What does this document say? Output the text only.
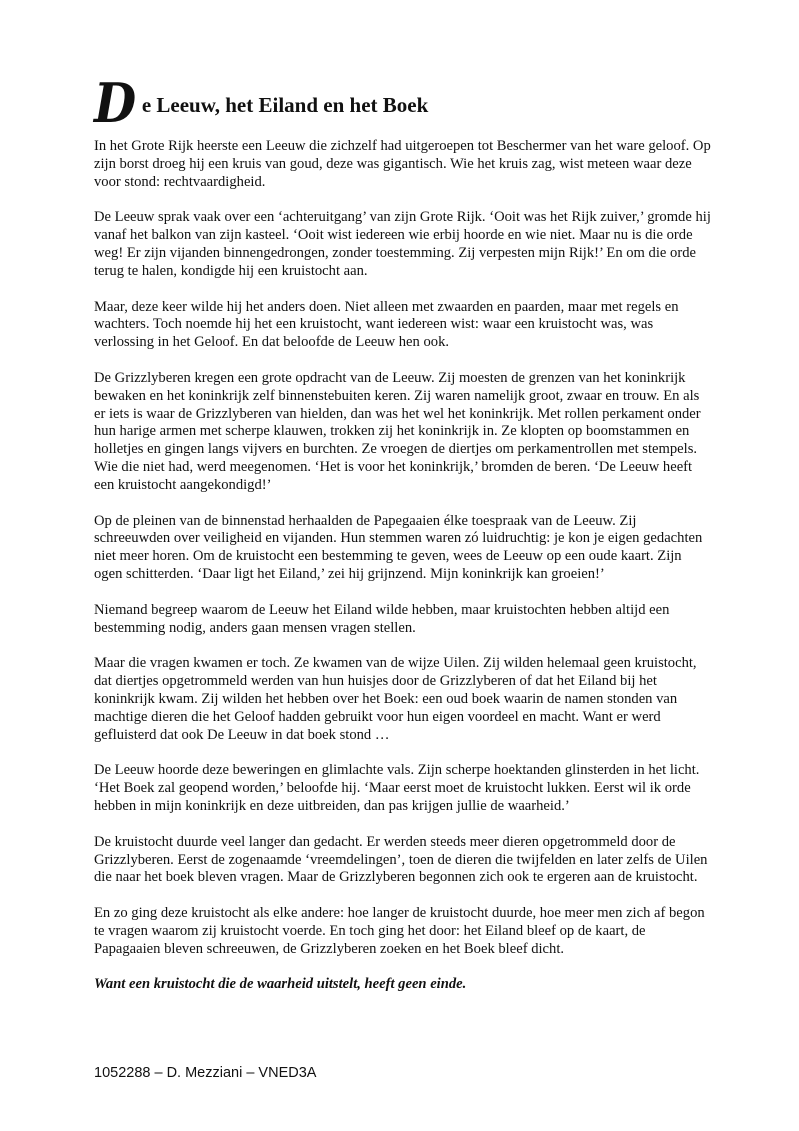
D e Leeuw, het Eiland en het Boek

In het Grote Rijk heerste een Leeuw die zichzelf had uitgeroepen tot Beschermer van het ware geloof. Op zijn borst droeg hij een kruis van goud, deze was gigantisch. Wie het kruis zag, wist meteen waar deze voor stond: rechtvaardigheid.

De Leeuw sprak vaak over een ‘achteruitgang’ van zijn Grote Rijk. ‘Ooit was het Rijk zuiver,’ gromde hij vanaf het balkon van zijn kasteel. ‘Ooit wist iedereen wie erbij hoorde en wie niet. Maar nu is die orde weg! Er zijn vijanden binnengedrongen, zonder toestemming. Zij verpesten mijn Rijk!’ En om die orde terug te halen, kondigde hij een kruistocht aan.

Maar, deze keer wilde hij het anders doen. Niet alleen met zwaarden en paarden, maar met regels en wachters. Toch noemde hij het een kruistocht, want iedereen wist: waar een kruistocht was, was verlossing in het Geloof. En dat beloofde de Leeuw hen ook.

De Grizzlyberen kregen een grote opdracht van de Leeuw. Zij moesten de grenzen van het koninkrijk bewaken en het koninkrijk zelf binnenstebuiten keren. Zij waren namelijk groot, zwaar en trouw. En als er iets is waar de Grizzlyberen van hielden, dan was het wel het koninkrijk. Met rollen perkament onder hun harige armen met scherpe klauwen, trokken zij het koninkrijk in. Ze klopten op boomstammen en holletjes en gingen langs vijvers en burchten. Ze vroegen de diertjes om perkamentrollen met stempels. Wie die niet had, werd meegenomen. ‘Het is voor het koninkrijk,’ bromden de beren. ‘De Leeuw heeft een kruistocht aangekondigd!’

Op de pleinen van de binnenstad herhaalden de Papegaaien élke toespraak van de Leeuw. Zij schreeuwden over veiligheid en vijanden. Hun stemmen waren zó luidruchtig: je kon je eigen gedachten niet meer horen. Om de kruistocht een bestemming te geven, wees de Leeuw op een oude kaart. Zijn ogen schitterden. ‘Daar ligt het Eiland,’ zei hij grijnzend. Mijn koninkrijk kan groeien!’

Niemand begreep waarom de Leeuw het Eiland wilde hebben, maar kruistochten hebben altijd een bestemming nodig, anders gaan mensen vragen stellen.

Maar die vragen kwamen er toch. Ze kwamen van de wijze Uilen. Zij wilden helemaal geen kruistocht, dat diertjes opgetrommeld werden van hun huisjes door de Grizzlyberen of dat het Eiland bij het koninkrijk kwam. Zij wilden het hebben over het Boek: een oud boek waarin de namen stonden van machtige dieren die het Geloof hadden gebruikt voor hun eigen voordeel en macht. Want er werd gefluisterd dat ook De Leeuw in dat boek stond …

De Leeuw hoorde deze beweringen en glimlachte vals. Zijn scherpe hoektanden glinsterden in het licht. ‘Het Boek zal geopend worden,’ beloofde hij. ‘Maar eerst moet de kruistocht lukken. Eerst wil ik orde hebben in mijn koninkrijk en deze uitbreiden, dan pas krijgen jullie de waarheid.’

De kruistocht duurde veel langer dan gedacht. Er werden steeds meer dieren opgetrommeld door de Grizzlyberen. Eerst de zogenaamde ‘vreemdelingen’, toen de dieren die twijfelden en later zelfs de Uilen die naar het boek bleven vragen. Maar de Grizzlyberen begonnen zich ook te ergeren aan de kruistocht.

En zo ging deze kruistocht als elke andere: hoe langer de kruistocht duurde, hoe meer men zich af begon te vragen waarom zij kruistocht voerde. En toch ging het door: het Eiland bleef op de kaart, de Papagaaien bleven schreeuwen, de Grizzlyberen zoeken en het Boek bleef dicht.

Want een kruistocht die de waarheid uitstelt, heeft geen einde.

1052288 – D. Mezziani – VNED3A
